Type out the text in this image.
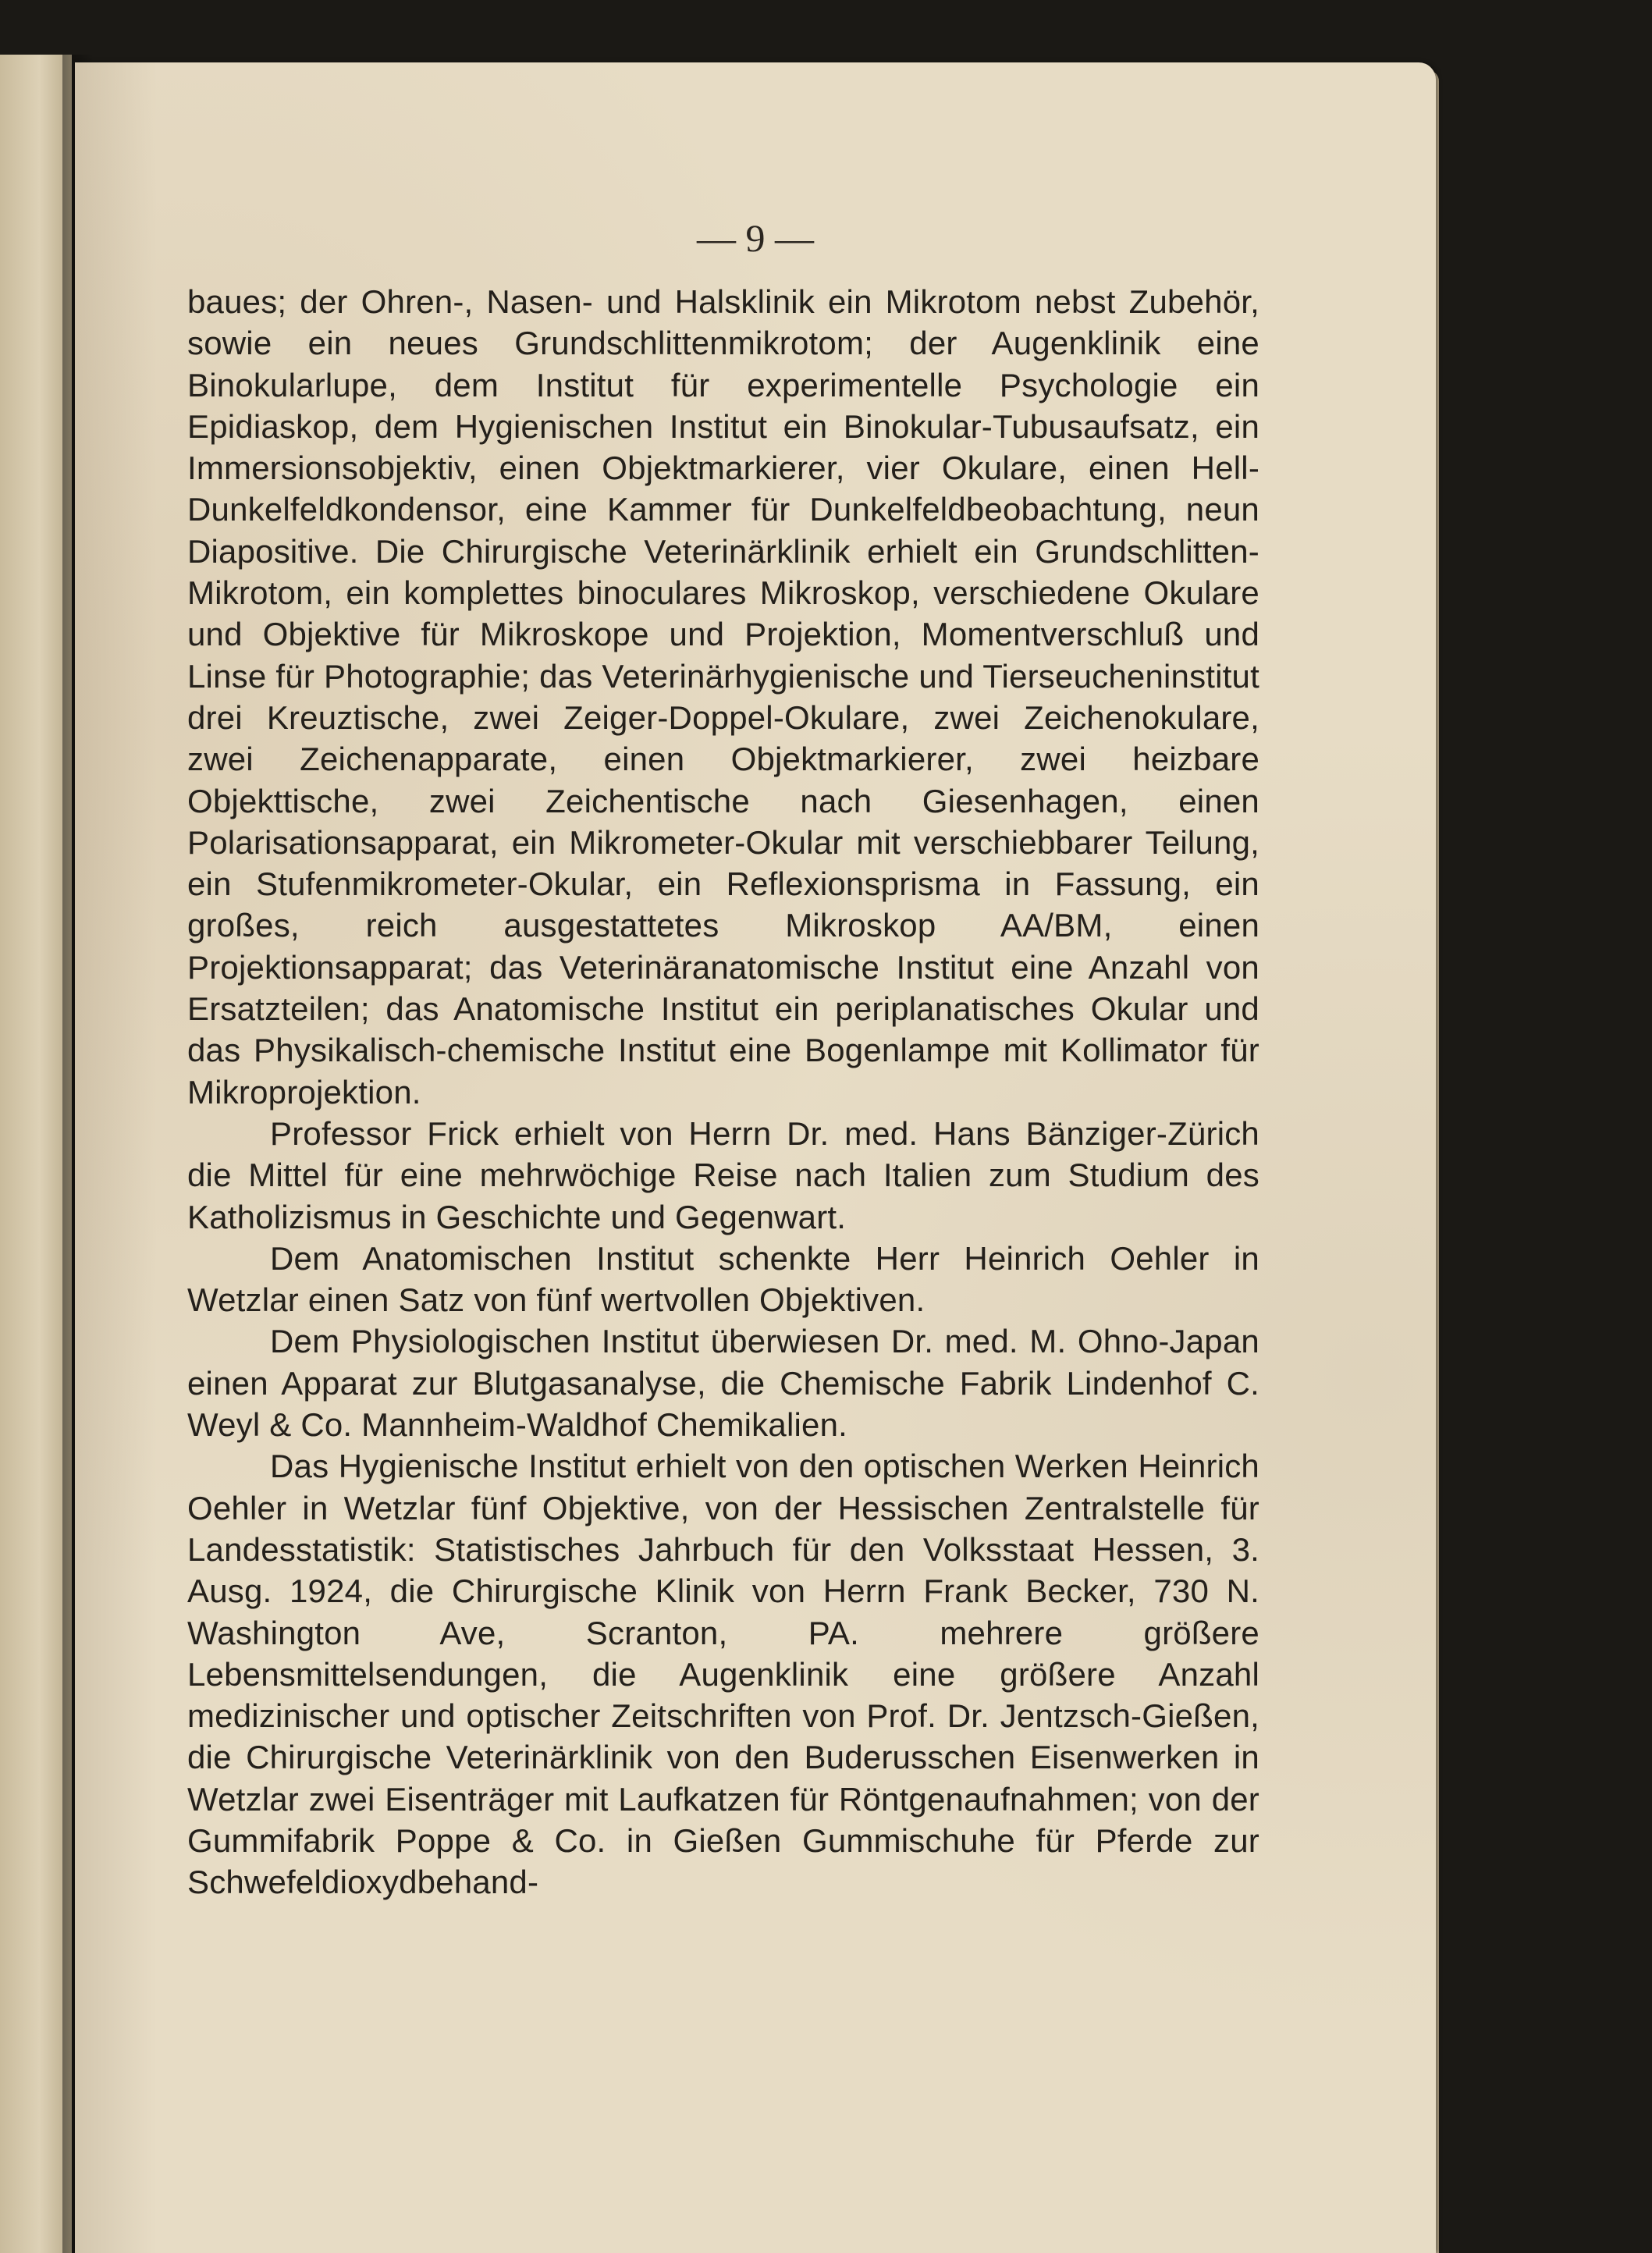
— 9 —

baues; der Ohren-, Nasen- und Halsklinik ein Mikrotom nebst Zubehör, sowie ein neues Grundschlittenmikrotom; der Augenklinik eine Binokularlupe, dem Institut für experimentelle Psychologie ein Epidiaskop, dem Hygienischen Institut ein Binokular-Tubusaufsatz, ein Immersionsobjektiv, einen Objektmarkierer, vier Okulare, einen Hell-Dunkelfeldkondensor, eine Kammer für Dunkelfeldbeobachtung, neun Diapositive. Die Chirurgische Veterinärklinik erhielt ein Grundschlitten-Mikrotom, ein komplettes binoculares Mikroskop, verschiedene Okulare und Objektive für Mikroskope und Projektion, Momentverschluß und Linse für Photographie; das Veterinärhygienische und Tierseucheninstitut drei Kreuztische, zwei Zeiger-Doppel-Okulare, zwei Zeichenokulare, zwei Zeichenapparate, einen Objektmarkierer, zwei heizbare Objekttische, zwei Zeichentische nach Giesenhagen, einen Polarisationsapparat, ein Mikrometer-Okular mit verschiebbarer Teilung, ein Stufenmikrometer-Okular, ein Reflexionsprisma in Fassung, ein großes, reich ausgestattetes Mikroskop AA/BM, einen Projektionsapparat; das Veterinäranatomische Institut eine Anzahl von Ersatzteilen; das Anatomische Institut ein periplanatisches Okular und das Physikalisch-chemische Institut eine Bogenlampe mit Kollimator für Mikroprojektion.

Professor Frick erhielt von Herrn Dr. med. Hans Bänziger-Zürich die Mittel für eine mehrwöchige Reise nach Italien zum Studium des Katholizismus in Geschichte und Gegenwart.

Dem Anatomischen Institut schenkte Herr Heinrich Oehler in Wetzlar einen Satz von fünf wertvollen Objektiven.

Dem Physiologischen Institut überwiesen Dr. med. M. Ohno-Japan einen Apparat zur Blutgasanalyse, die Chemische Fabrik Lindenhof C. Weyl & Co. Mannheim-Waldhof Chemikalien.

Das Hygienische Institut erhielt von den optischen Werken Heinrich Oehler in Wetzlar fünf Objektive, von der Hessischen Zentralstelle für Landesstatistik: Statistisches Jahrbuch für den Volksstaat Hessen, 3. Ausg. 1924, die Chirurgische Klinik von Herrn Frank Becker, 730 N. Washington Ave, Scranton, PA. mehrere größere Lebensmittelsendungen, die Augenklinik eine größere Anzahl medizinischer und optischer Zeitschriften von Prof. Dr. Jentzsch-Gießen, die Chirurgische Veterinärklinik von den Buderusschen Eisenwerken in Wetzlar zwei Eisenträger mit Laufkatzen für Röntgenaufnahmen; von der Gummifabrik Poppe & Co. in Gießen Gummischuhe für Pferde zur Schwefeldioxydbehand-
